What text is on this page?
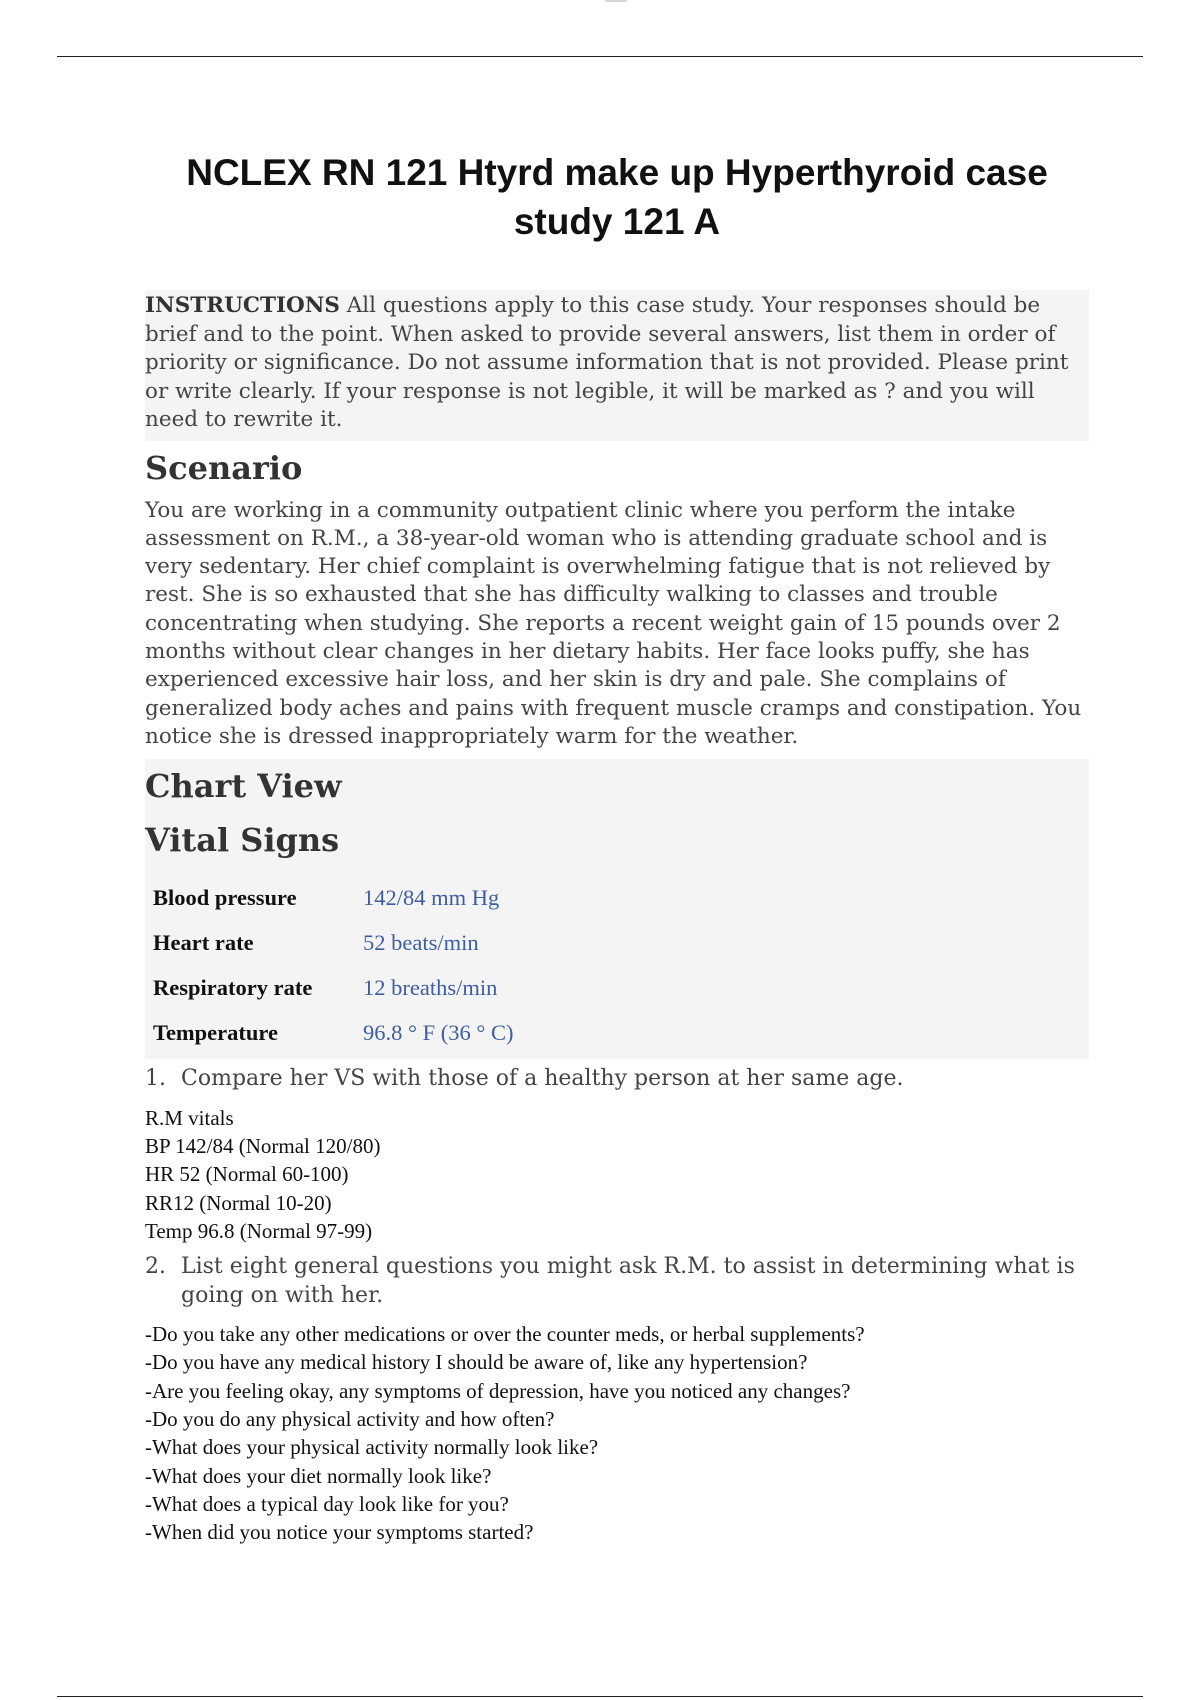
NCLEX RN 121 Htyrd make up Hyperthyroid case study 121 A
INSTRUCTIONS All questions apply to this case study. Your responses should be brief and to the point. When asked to provide several answers, list them in order of priority or significance. Do not assume information that is not provided. Please print or write clearly. If your response is not legible, it will be marked as ? and you will need to rewrite it.
Scenario

You are working in a community outpatient clinic where you perform the intake assessment on R.M., a 38-year-old woman who is attending graduate school and is very sedentary. Her chief complaint is overwhelming fatigue that is not relieved by rest. She is so exhausted that she has difficulty walking to classes and trouble concentrating when studying. She reports a recent weight gain of 15 pounds over 2 months without clear changes in her dietary habits. Her face looks puffy, she has experienced excessive hair loss, and her skin is dry and pale. She complains of generalized body aches and pains with frequent muscle cramps and constipation. You notice she is dressed inappropriately warm for the weather.

Chart View
Vital Signs
Blood pressure	142/84 mm Hg
Heart rate	52 beats/min
Respiratory rate	12 breaths/min
Temperature	96.8 ° F (36 ° C)
1. Compare her VS with those of a healthy person at her same age.
R.M vitals
BP 142/84 (Normal 120/80)
HR 52 (Normal 60-100)
RR12 (Normal 10-20)
Temp 96.8 (Normal 97-99)
2. List eight general questions you might ask R.M. to assist in determining what is going on with her.
-Do you take any other medications or over the counter meds, or herbal supplements?
-Do you have any medical history I should be aware of, like any hypertension?
-Are you feeling okay, any symptoms of depression, have you noticed any changes?
-Do you do any physical activity and how often?
-What does your physical activity normally look like?
-What does your diet normally look like?
-What does a typical day look like for you?
-When did you notice your symptoms started?
